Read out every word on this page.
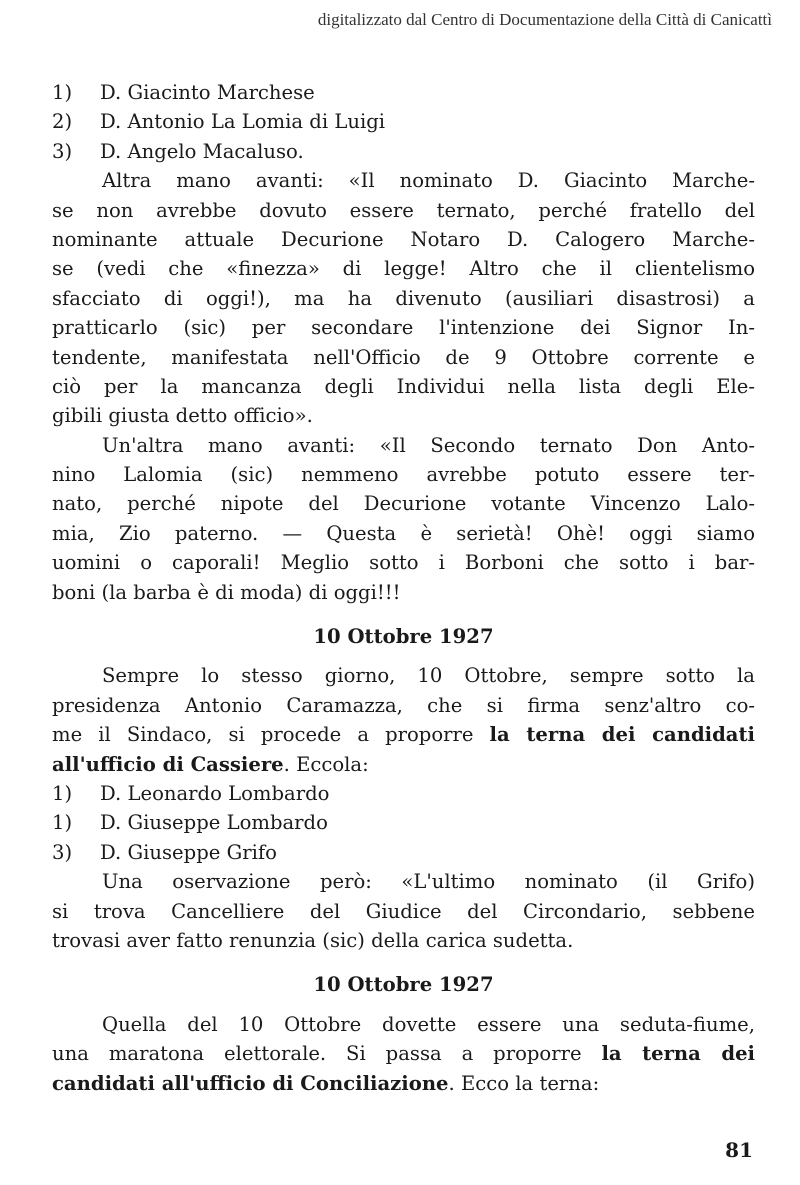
digitalizzato dal Centro di Documentazione della Città di Canicattì
1) D. Giacinto Marchese
2) D. Antonio La Lomia di Luigi
3) D. Angelo Macaluso.
Altra mano avanti: «Il nominato D. Giacinto Marche-
se non avrebbe dovuto essere ternato, perché fratello del
nominante attuale Decurione Notaro D. Calogero Marche-
se (vedi che «finezza» di legge! Altro che il clientelismo
sfacciato di oggi!), ma ha divenuto (ausiliari disastrosi) a
pratticarlo (sic) per secondare l'intenzione dei Signor In-
tendente, manifestata nell'Officio de 9 Ottobre corrente e
ciò per la mancanza degli Individui nella lista degli Ele-
gibili giusta detto officio».
Un'altra mano avanti: «Il Secondo ternato Don Anto-
nino Lalomia (sic) nemmeno avrebbe potuto essere ter-
nato, perché nipote del Decurione votante Vincenzo Lalo-
mia, Zio paterno. — Questa è serietà! Ohè! oggi siamo
uomini o caporali! Meglio sotto i Borboni che sotto i bar-
boni (la barba è di moda) di oggi!!!
10 Ottobre 1927
Sempre lo stesso giorno, 10 Ottobre, sempre sotto la
presidenza Antonio Caramazza, che si firma senz'altro co-
me il Sindaco, si procede a proporre la terna dei candidati
all'ufficio di Cassiere. Eccola:
1) D. Leonardo Lombardo
1) D. Giuseppe Lombardo
3) D. Giuseppe Grifo
Una oservazione però: «L'ultimo nominato (il Grifo)
si trova Cancelliere del Giudice del Circondario, sebbene
trovasi aver fatto renunzia (sic) della carica sudetta.
10 Ottobre 1927
Quella del 10 Ottobre dovette essere una seduta-fiume,
una maratona elettorale. Si passa a proporre la terna dei
candidati all'ufficio di Conciliazione. Ecco la terna:
81
